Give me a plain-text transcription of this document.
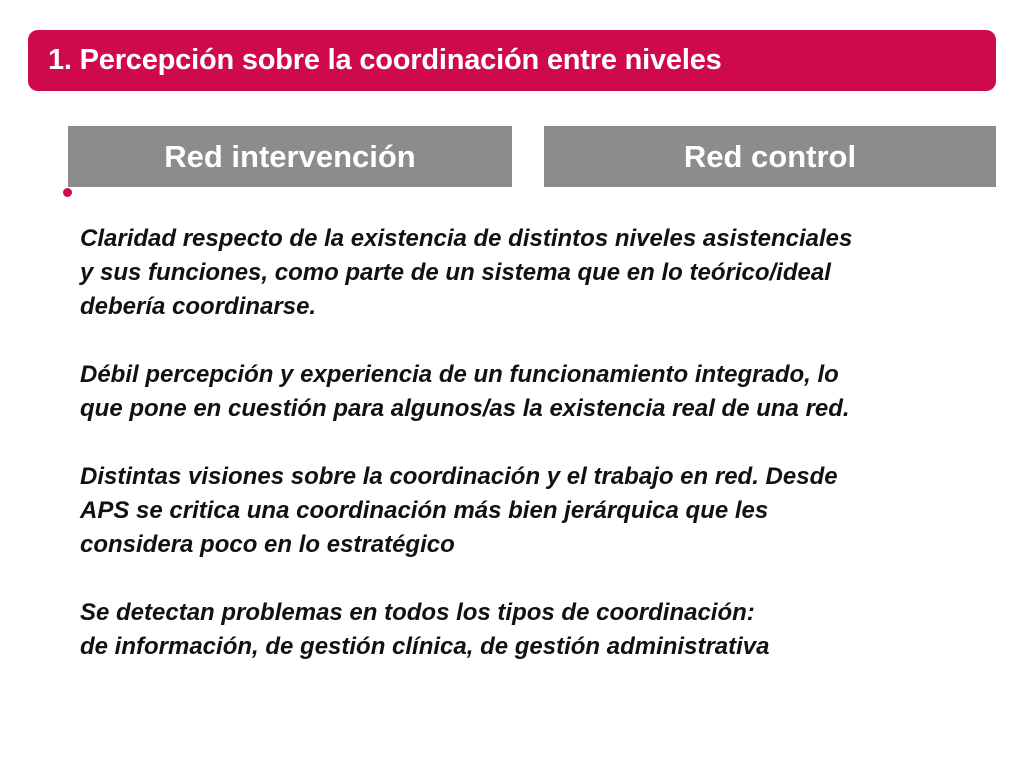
1. Percepción sobre la coordinación entre niveles
Red intervención	Red control

Claridad respecto de la existencia de distintos niveles asistenciales
y sus funciones, como parte de un sistema que en lo teórico/ideal
debería coordinarse.

Débil percepción y experiencia de un funcionamiento integrado, lo
que pone en cuestión para algunos/as la existencia real de una red.

Distintas visiones sobre la coordinación y el trabajo en red. Desde
APS se critica una coordinación más bien jerárquica que les
considera poco en lo estratégico

Se detectan problemas en todos los tipos de coordinación:
de información, de gestión clínica, de gestión administrativa
